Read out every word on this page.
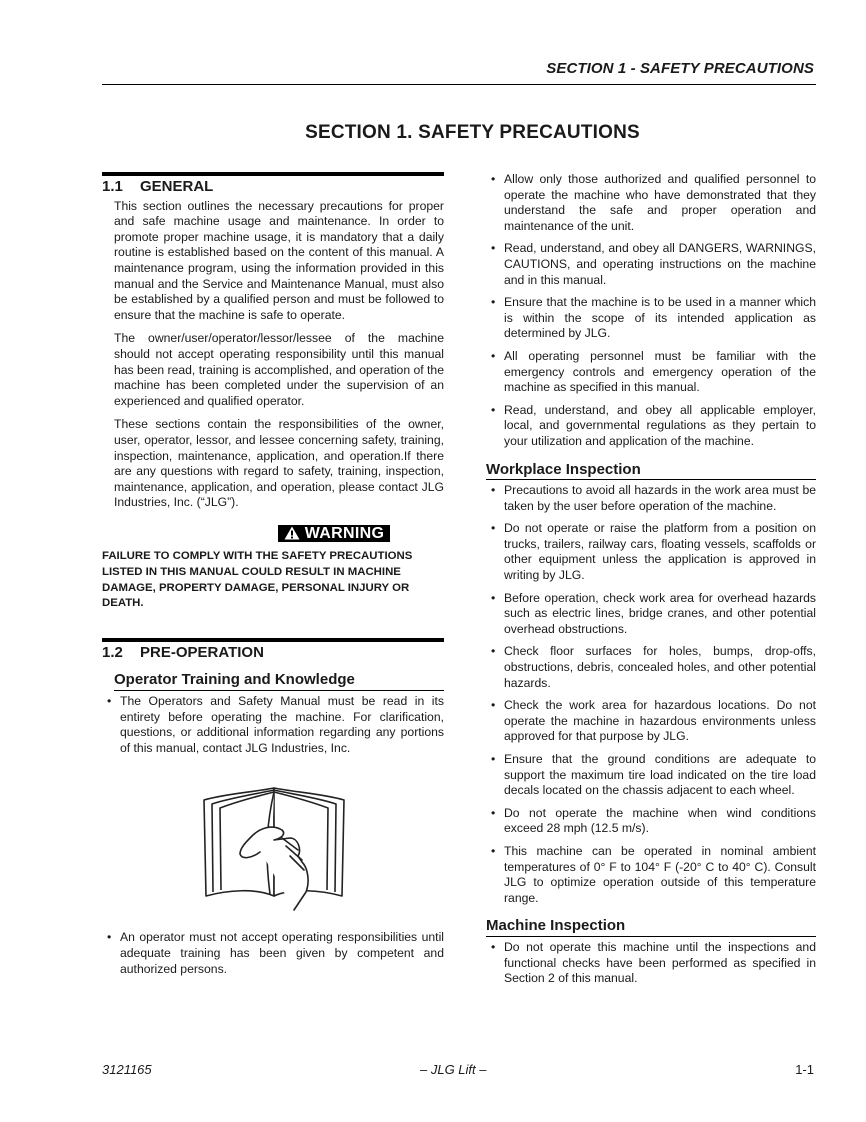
SECTION 1 - SAFETY PRECAUTIONS
SECTION 1. SAFETY PRECAUTIONS
1.1 GENERAL

This section outlines the necessary precautions for proper and safe machine usage and maintenance. In order to promote proper machine usage, it is mandatory that a daily routine is established based on the content of this manual. A maintenance program, using the information provided in this manual and the Service and Maintenance Manual, must also be established by a qualified person and must be followed to ensure that the machine is safe to operate.

The owner/user/operator/lessor/lessee of the machine should not accept operating responsibility until this manual has been read, training is accomplished, and operation of the machine has been completed under the supervision of an experienced and qualified operator.

These sections contain the responsibilities of the owner, user, operator, lessor, and lessee concerning safety, training, inspection, maintenance, application, and operation.If there are any questions with regard to safety, training, inspection, maintenance, application, and operation, please contact JLG Industries, Inc. (“JLG”).

WARNING

FAILURE TO COMPLY WITH THE SAFETY PRECAUTIONS LISTED IN THIS MANUAL COULD RESULT IN MACHINE DAMAGE, PROPERTY DAMAGE, PERSONAL INJURY OR DEATH.

1.2 PRE-OPERATION
Operator Training and Knowledge
• The Operators and Safety Manual must be read in its entirety before operating the machine. For clarification, questions, or additional information regarding any portions of this manual, contact JLG Industries, Inc.
• An operator must not accept operating responsibilities until adequate training has been given by competent and authorized persons.
• Allow only those authorized and qualified personnel to operate the machine who have demonstrated that they understand the safe and proper operation and maintenance of the unit.
• Read, understand, and obey all DANGERS, WARNINGS, CAUTIONS, and operating instructions on the machine and in this manual.
• Ensure that the machine is to be used in a manner which is within the scope of its intended application as determined by JLG.
• All operating personnel must be familiar with the emergency controls and emergency operation of the machine as specified in this manual.
• Read, understand, and obey all applicable employer, local, and governmental regulations as they pertain to your utilization and application of the machine.
Workplace Inspection
• Precautions to avoid all hazards in the work area must be taken by the user before operation of the machine.
• Do not operate or raise the platform from a position on trucks, trailers, railway cars, floating vessels, scaffolds or other equipment unless the application is approved in writing by JLG.
• Before operation, check work area for overhead hazards such as electric lines, bridge cranes, and other potential overhead obstructions.
• Check floor surfaces for holes, bumps, drop-offs, obstructions, debris, concealed holes, and other potential hazards.
• Check the work area for hazardous locations. Do not operate the machine in hazardous environments unless approved for that purpose by JLG.
• Ensure that the ground conditions are adequate to support the maximum tire load indicated on the tire load decals located on the chassis adjacent to each wheel.
• Do not operate the machine when wind conditions exceed 28 mph (12.5 m/s).
• This machine can be operated in nominal ambient temperatures of 0° F to 104° F (-20° C to 40° C). Consult JLG to optimize operation outside of this temperature range.
Machine Inspection
• Do not operate this machine until the inspections and functional checks have been performed as specified in Section 2 of this manual.
3121165	– JLG Lift –	1-1
